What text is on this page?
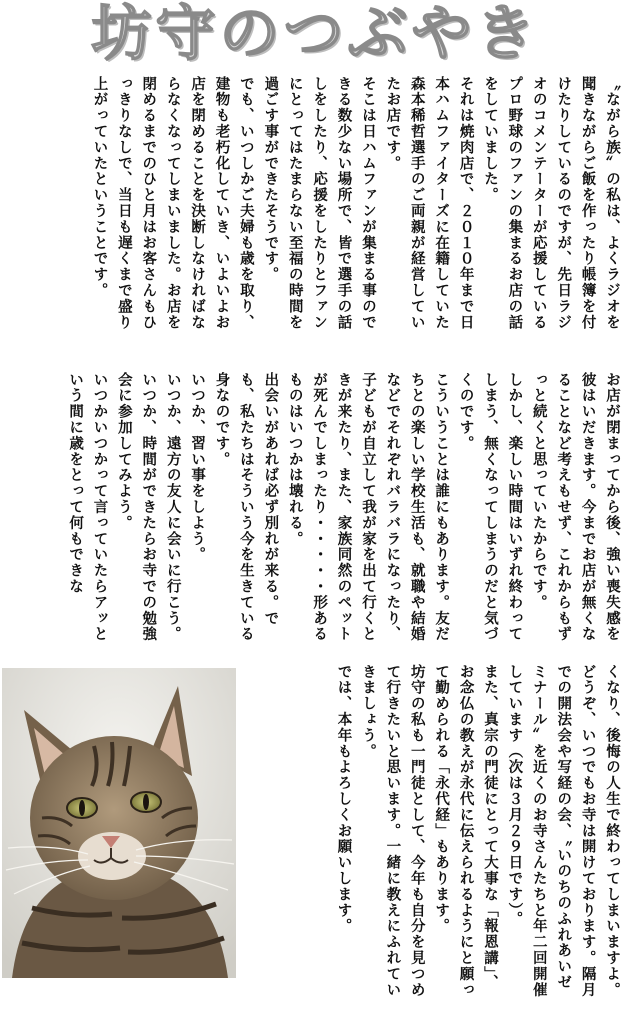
坊守のつぶやき

〝ながら族〟の私は、よくラジオを聞きながらご飯を作ったり帳簿を付けたりしているのですが、先日ラジオのコメンテーターが応援しているプロ野球のファンの集まるお店の話をしていました。

それは焼肉店で、２０１０年まで日本ハムファイターズに在籍していた森本稀哲選手のご両親が経営していたお店です。

そこは日ハムファンが集まる事のできる数少ない場所で、皆で選手の話しをしたり、応援をしたりとファンにとってはたまらない至福の時間を過ごす事ができたそうです。

でも、いつしかご夫婦も歳を取り、建物も老朽化していき、いよいよお店を閉めることを決断しなければならなくなってしまいました。お店を閉めるまでのひと月はお客さんもひっきりなしで、当日も遅くまで盛り上がっていたということです。

お店が閉まってから後、強い喪失感を彼はいだきます。今までお店が無くなることなど考えもせず、これからもずっと続くと思っていたからです。

しかし、楽しい時間はいずれ終わってしまう、無くなってしまうのだと気づくのです。

こういうことは誰にもあります。友だちとの楽しい学校生活も、就職や結婚などでそれぞれバラバラになったり、子どもが自立して我が家を出て行くときが来たり、また、家族同然のペットが死んでしまったり・・・・・形あるものはいつかは壊れる。

出会いがあれば必ず別れが来る。でも、私たちはそういう今を生きている身なのです。

いつか、習い事をしよう。

いつか、遠方の友人に会いに行こう。

いつか、時間ができたらお寺での勉強会に参加してみよう。

いつかいつかって言っていたらアッという間に歳をとって何もできな

くなり、後悔の人生で終わってしまいますよ。

どうぞ、いつでもお寺は開けております。隔月での開法会や写経の会、〝いのちのふれあいゼミナール〟を近くのお寺さんたちと年二回開催しています（次は３月２９日です）。

また、真宗の門徒にとって大事な「報恩講」、お念仏の教えが永代に伝えられるようにと願って勤められる「永代経」もあります。

坊守の私も一門徒として、今年も自分を見つめて行きたいと思います。一緒に教えにふれていきましょう。

では、本年もよろしくお願いします。
